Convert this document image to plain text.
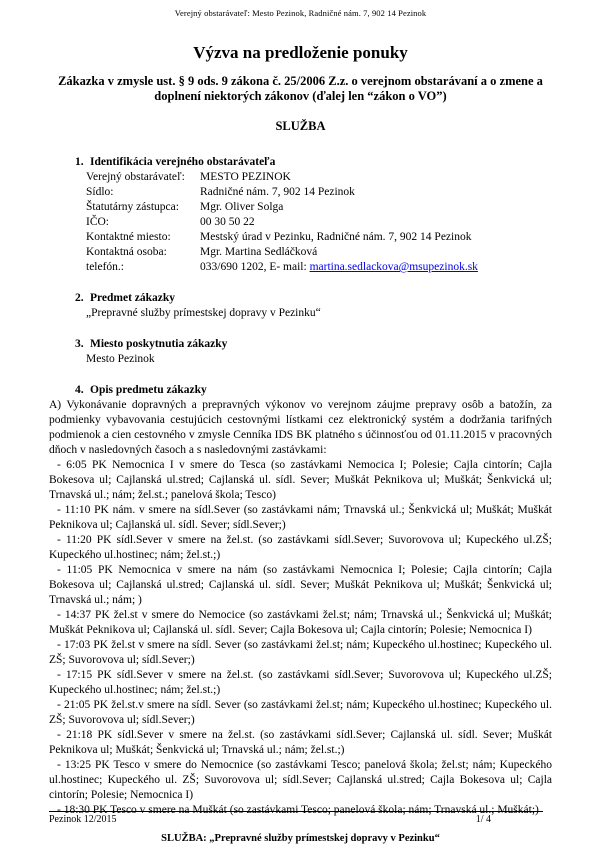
Verejný obstarávateľ: Mesto Pezinok, Radničné nám. 7, 902 14 Pezinok
Výzva na predloženie ponuky

Zákazka v zmysle ust. § 9 ods. 9 zákona č. 25/2006 Z.z. o verejnom obstarávaní a o zmene a doplnení niektorých zákonov (ďalej len “zákon o VO”)

SLUŽBA

1. Identifikácia verejného obstarávateľa
Verejný obstarávateľ:	MESTO PEZINOK
Sídlo:	Radničné nám. 7, 902 14 Pezinok
Štatutárny zástupca:	Mgr. Oliver Solga
IČO:	00 30 50 22
Kontaktné miesto:	Mestský úrad v Pezinku, Radničné nám. 7, 902 14 Pezinok
Kontaktná osoba:	Mgr. Martina Sedláčková
telefón.:	033/690 1202, E- mail: martina.sedlackova@msupezinok.sk
2. Predmet zákazky
„Prepravné služby prímestskej dopravy v Pezinku“
3. Miesto poskytnutia zákazky
Mesto Pezinok
4. Opis predmetu zákazky

A) Vykonávanie dopravných a prepravných výkonov vo verejnom záujme prepravy osôb a batožín, za podmienky vybavovania cestujúcich cestovnými lístkami cez elektronický systém a dodržania tarifných podmienok a cien cestovného v zmysle Cenníka IDS BK platného s účinnosťou od 01.11.2015 v pracovných dňoch v nasledovných časoch a s nasledovnými zastávkami:

- 6:05 PK Nemocnica I v smere do Tesca (so zastávkami Nemocica I; Polesie; Cajla cintorín; Cajla Bokesova ul; Cajlanská ul.stred; Cajlanská ul. sídl. Sever; Muškát Peknikova ul; Muškát; Šenkvická ul; Trnavská ul.; nám; žel.st.; panelová škola; Tesco)
- 11:10 PK nám. v smere na sídl.Sever (so zastávkami nám; Trnavská ul.; Šenkvická ul; Muškát; Muškát Peknikova ul; Cajlanská ul. sídl. Sever; sídl.Sever;)
- 11:20 PK sídl.Sever v smere na žel.st. (so zastávkami sídl.Sever; Suvorovova ul; Kupeckého ul.ZŠ; Kupeckého ul.hostinec; nám; žel.st.;)
- 11:05 PK Nemocnica v smere na nám (so zastávkami Nemocnica I; Polesie; Cajla cintorín; Cajla Bokesova ul; Cajlanská ul.stred; Cajlanská ul. sídl. Sever; Muškát Peknikova ul; Muškát; Šenkvická ul; Trnavská ul.; nám; )
- 14:37 PK žel.st v smere do Nemocice (so zastávkami žel.st; nám; Trnavská ul.; Šenkvická ul; Muškát; Muškát Peknikova ul; Cajlanská ul. sídl. Sever; Cajla Bokesova ul; Cajla cintorín; Polesie; Nemocnica I)
- 17:03 PK žel.st v smere na sídl. Sever (so zastávkami žel.st; nám; Kupeckého ul.hostinec; Kupeckého ul. ZŠ; Suvorovova ul; sídl.Sever;)
- 17:15 PK sídl.Sever v smere na žel.st. (so zastávkami sídl.Sever; Suvorovova ul; Kupeckého ul.ZŠ; Kupeckého ul.hostinec; nám; žel.st.;)
- 21:05 PK žel.st.v smere na sídl. Sever (so zastávkami žel.st; nám; Kupeckého ul.hostinec; Kupeckého ul. ZŠ; Suvorovova ul; sídl.Sever;)
- 21:18 PK sídl.Sever v smere na žel.st. (so zastávkami sídl.Sever; Cajlanská ul. sídl. Sever; Muškát Peknikova ul; Muškát; Šenkvická ul; Trnavská ul.; nám; žel.st.;)
- 13:25 PK Tesco v smere do Nemocnice (so zastávkami Tesco; panelová škola; žel.st; nám; Kupeckého ul.hostinec; Kupeckého ul. ZŠ; Suvorovova ul; sídl.Sever; Cajlanská ul.stred; Cajla Bokesova ul; Cajla cintorín; Polesie; Nemocnica I)
- 18:30 PK Tesco v smere na Muškát (so zastávkami Tesco; panelová škola; nám; Trnavská ul.; Muškát;)
Pezinok 12/2015	1/ 4
SLUŽBA: „Prepravné služby prímestskej dopravy v Pezinku“
